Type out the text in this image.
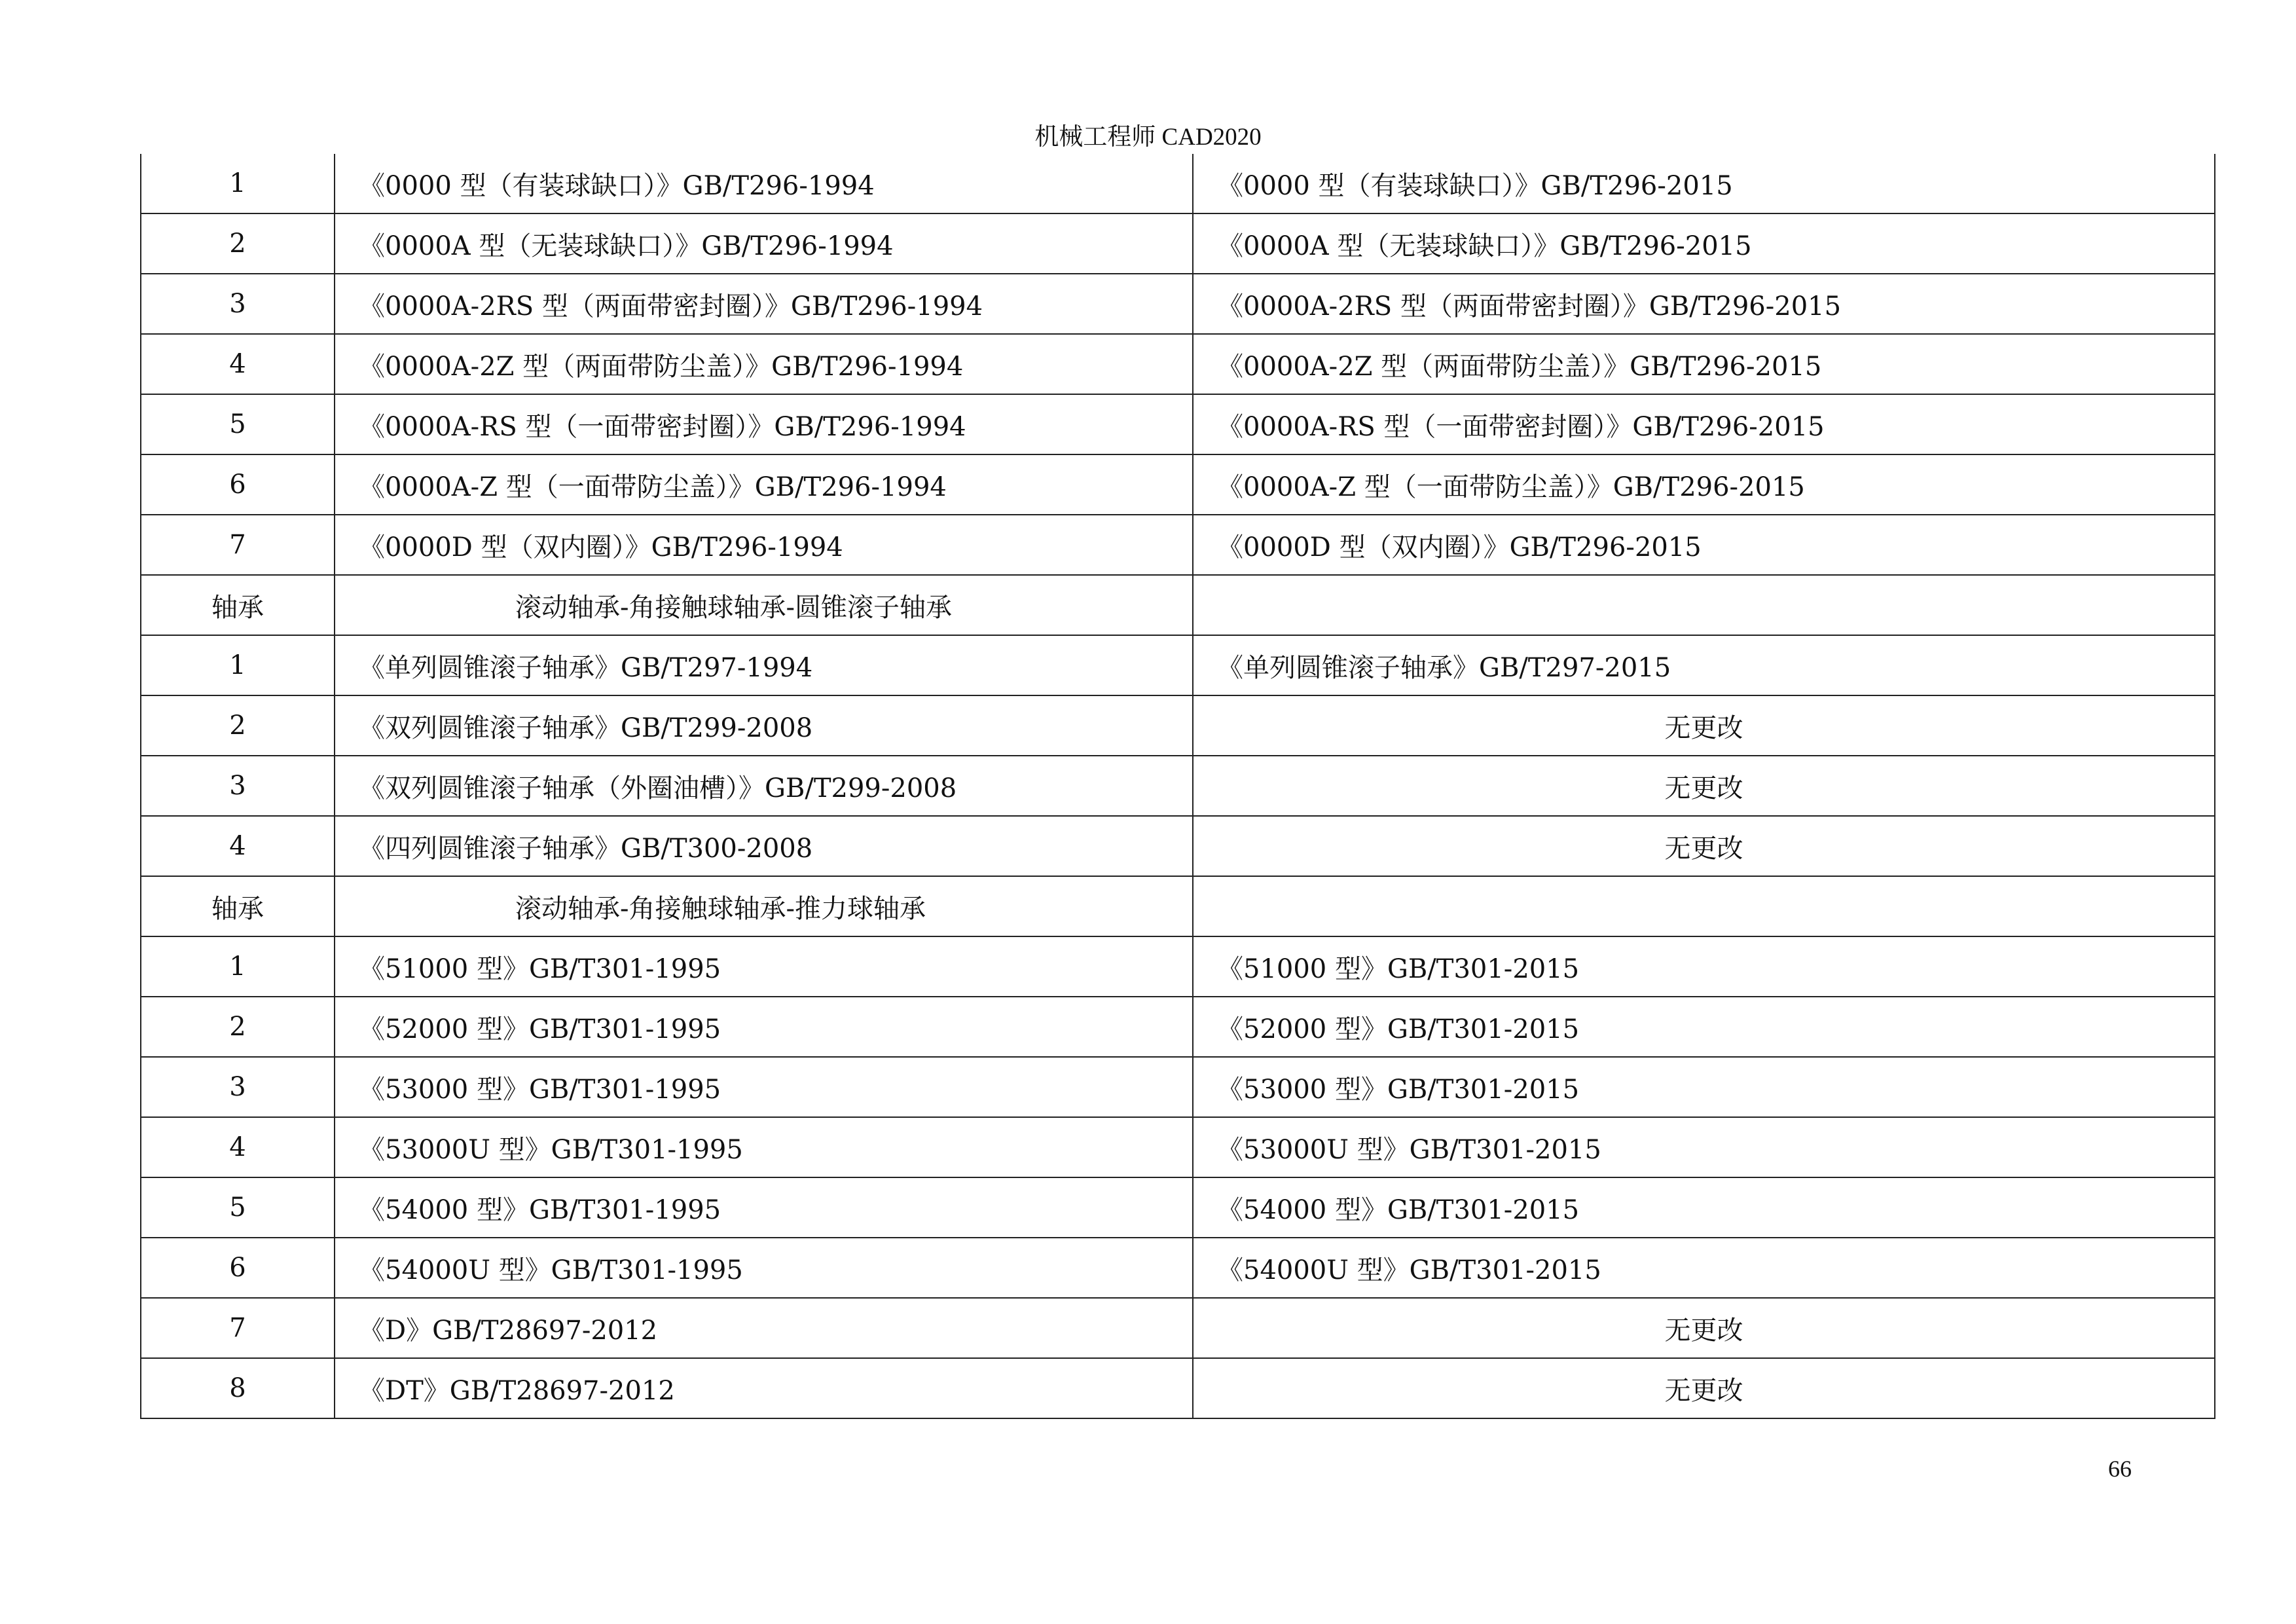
机械工程师 CAD2020
1	《0000 型（有装球缺口）》GB/T296-1994	《0000 型（有装球缺口）》GB/T296-2015
2	《0000A 型（无装球缺口）》GB/T296-1994	《0000A 型（无装球缺口）》GB/T296-2015
3	《0000A-2RS 型（两面带密封圈）》GB/T296-1994	《0000A-2RS 型（两面带密封圈）》GB/T296-2015
4	《0000A-2Z 型（两面带防尘盖）》GB/T296-1994	《0000A-2Z 型（两面带防尘盖）》GB/T296-2015
5	《0000A-RS 型（一面带密封圈）》GB/T296-1994	《0000A-RS 型（一面带密封圈）》GB/T296-2015
6	《0000A-Z 型（一面带防尘盖）》GB/T296-1994	《0000A-Z 型（一面带防尘盖）》GB/T296-2015
7	《0000D 型（双内圈）》GB/T296-1994	《0000D 型（双内圈）》GB/T296-2015
轴承	滚动轴承-角接触球轴承-圆锥滚子轴承	
1	《单列圆锥滚子轴承》GB/T297-1994	《单列圆锥滚子轴承》GB/T297-2015
2	《双列圆锥滚子轴承》GB/T299-2008	无更改
3	《双列圆锥滚子轴承（外圈油槽）》GB/T299-2008	无更改
4	《四列圆锥滚子轴承》GB/T300-2008	无更改
轴承	滚动轴承-角接触球轴承-推力球轴承	
1	《51000 型》GB/T301-1995	《51000 型》GB/T301-2015
2	《52000 型》GB/T301-1995	《52000 型》GB/T301-2015
3	《53000 型》GB/T301-1995	《53000 型》GB/T301-2015
4	《53000U 型》GB/T301-1995	《53000U 型》GB/T301-2015
5	《54000 型》GB/T301-1995	《54000 型》GB/T301-2015
6	《54000U 型》GB/T301-1995	《54000U 型》GB/T301-2015
7	《D》GB/T28697-2012	无更改
8	《DT》GB/T28697-2012	无更改
66
